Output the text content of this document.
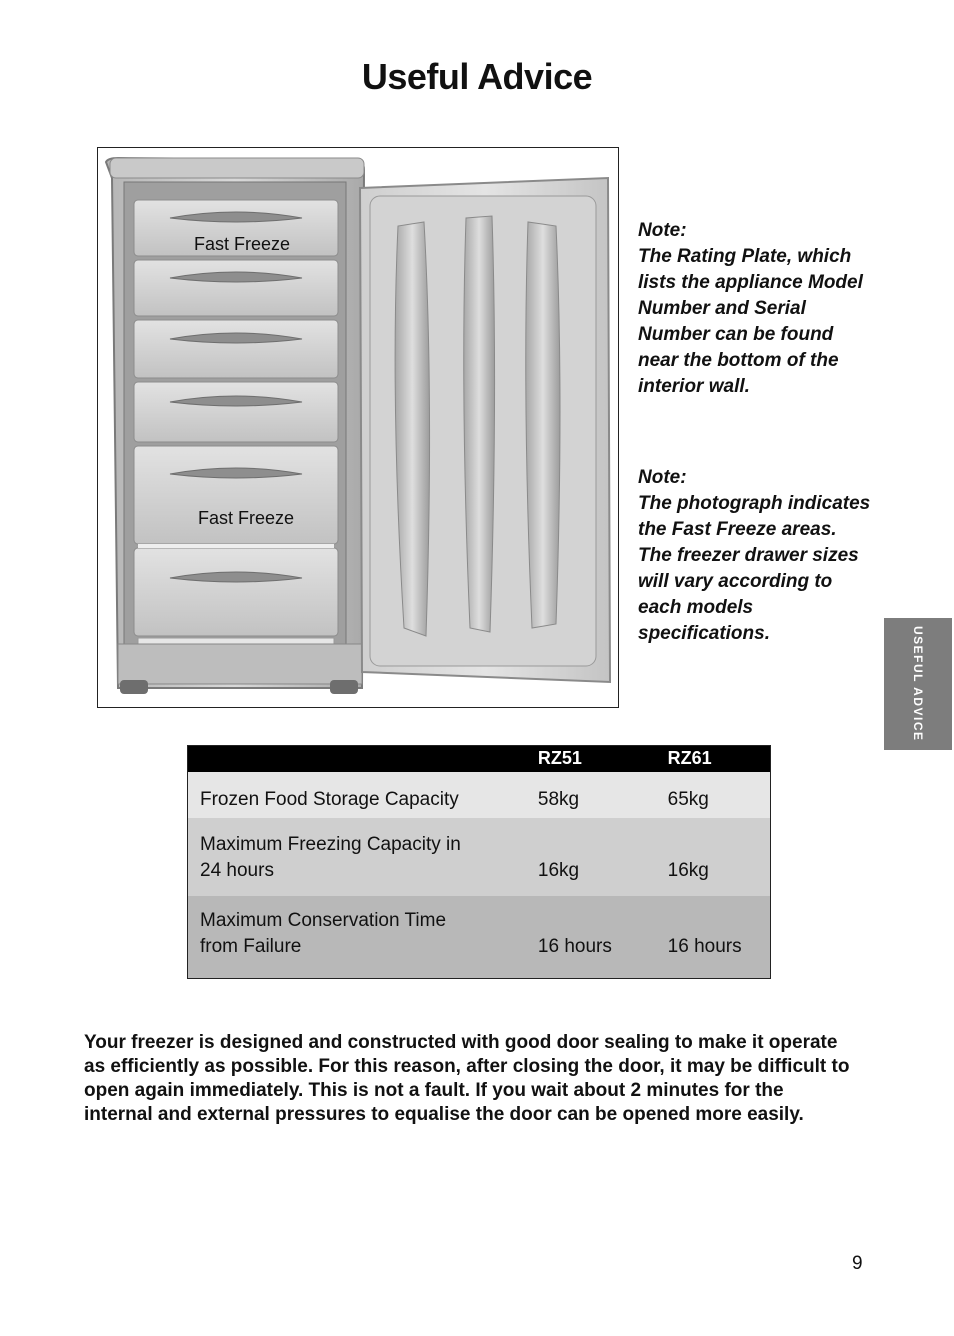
Useful Advice
Fast Freeze
Fast Freeze
Note:
The Rating Plate, which lists the appliance Model Number and Serial Number can be found near the bottom of the interior wall.
Note:
The photograph indicates the Fast Freeze areas. The freezer drawer sizes will vary according to each models specifications.	USEFUL ADVICE
	RZ51	RZ61
Frozen Food Storage Capacity	58kg	65kg
Maximum Freezing Capacity in 24 hours	16kg	16kg
Maximum Conservation Time from Failure	16 hours	16 hours

Your freezer is designed and constructed with good door sealing to make it operate as efficiently as possible. For this reason, after closing the door, it may be difficult to open again immediately. This is not a fault. If you wait about 2 minutes for the internal and external pressures to equalise the door can be opened more easily.

9
